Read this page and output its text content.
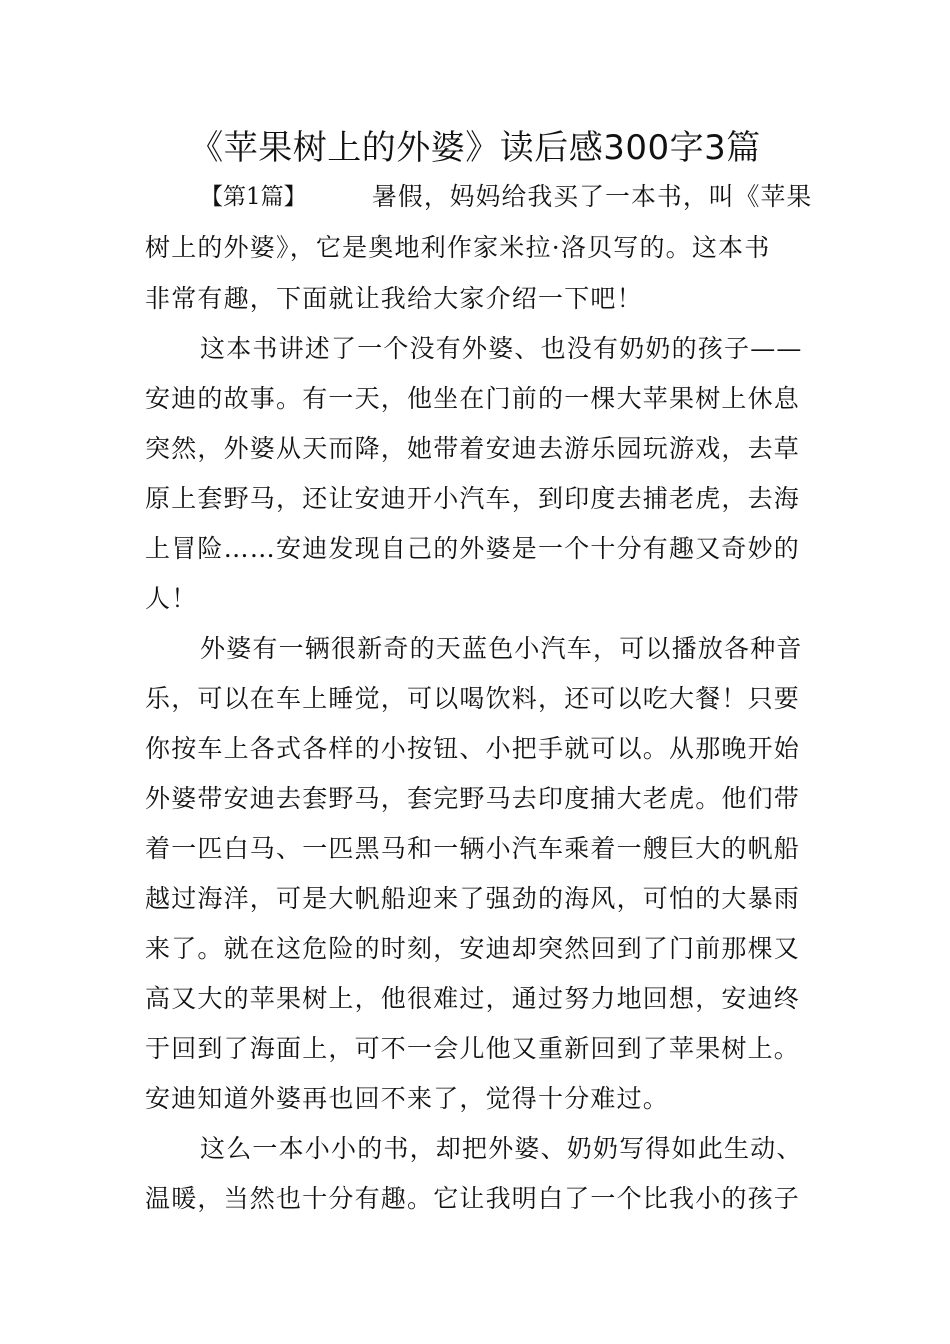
《苹果树上的外婆》读后感300字3篇
【第1篇】	暑假，妈妈给我买了一本书，叫《苹果
树上的外婆》，它是奥地利作家米拉·洛贝写的。这本书
非常有趣，下面就让我给大家介绍一下吧！
这本书讲述了一个没有外婆、也没有奶奶的孩子——
安迪的故事。有一天，他坐在门前的一棵大苹果树上休息
突然，外婆从天而降，她带着安迪去游乐园玩游戏，去草
原上套野马，还让安迪开小汽车，到印度去捕老虎，去海
上冒险……安迪发现自己的外婆是一个十分有趣又奇妙的
人！
外婆有一辆很新奇的天蓝色小汽车，可以播放各种音
乐，可以在车上睡觉，可以喝饮料，还可以吃大餐！只要
你按车上各式各样的小按钮、小把手就可以。从那晚开始
外婆带安迪去套野马，套完野马去印度捕大老虎。他们带
着一匹白马、一匹黑马和一辆小汽车乘着一艘巨大的帆船
越过海洋，可是大帆船迎来了强劲的海风，可怕的大暴雨
来了。就在这危险的时刻，安迪却突然回到了门前那棵又
高又大的苹果树上，他很难过，通过努力地回想，安迪终
于回到了海面上，可不一会儿他又重新回到了苹果树上。
安迪知道外婆再也回不来了，觉得十分难过。
这么一本小小的书，却把外婆、奶奶写得如此生动、
温暖，当然也十分有趣。它让我明白了一个比我小的孩子
